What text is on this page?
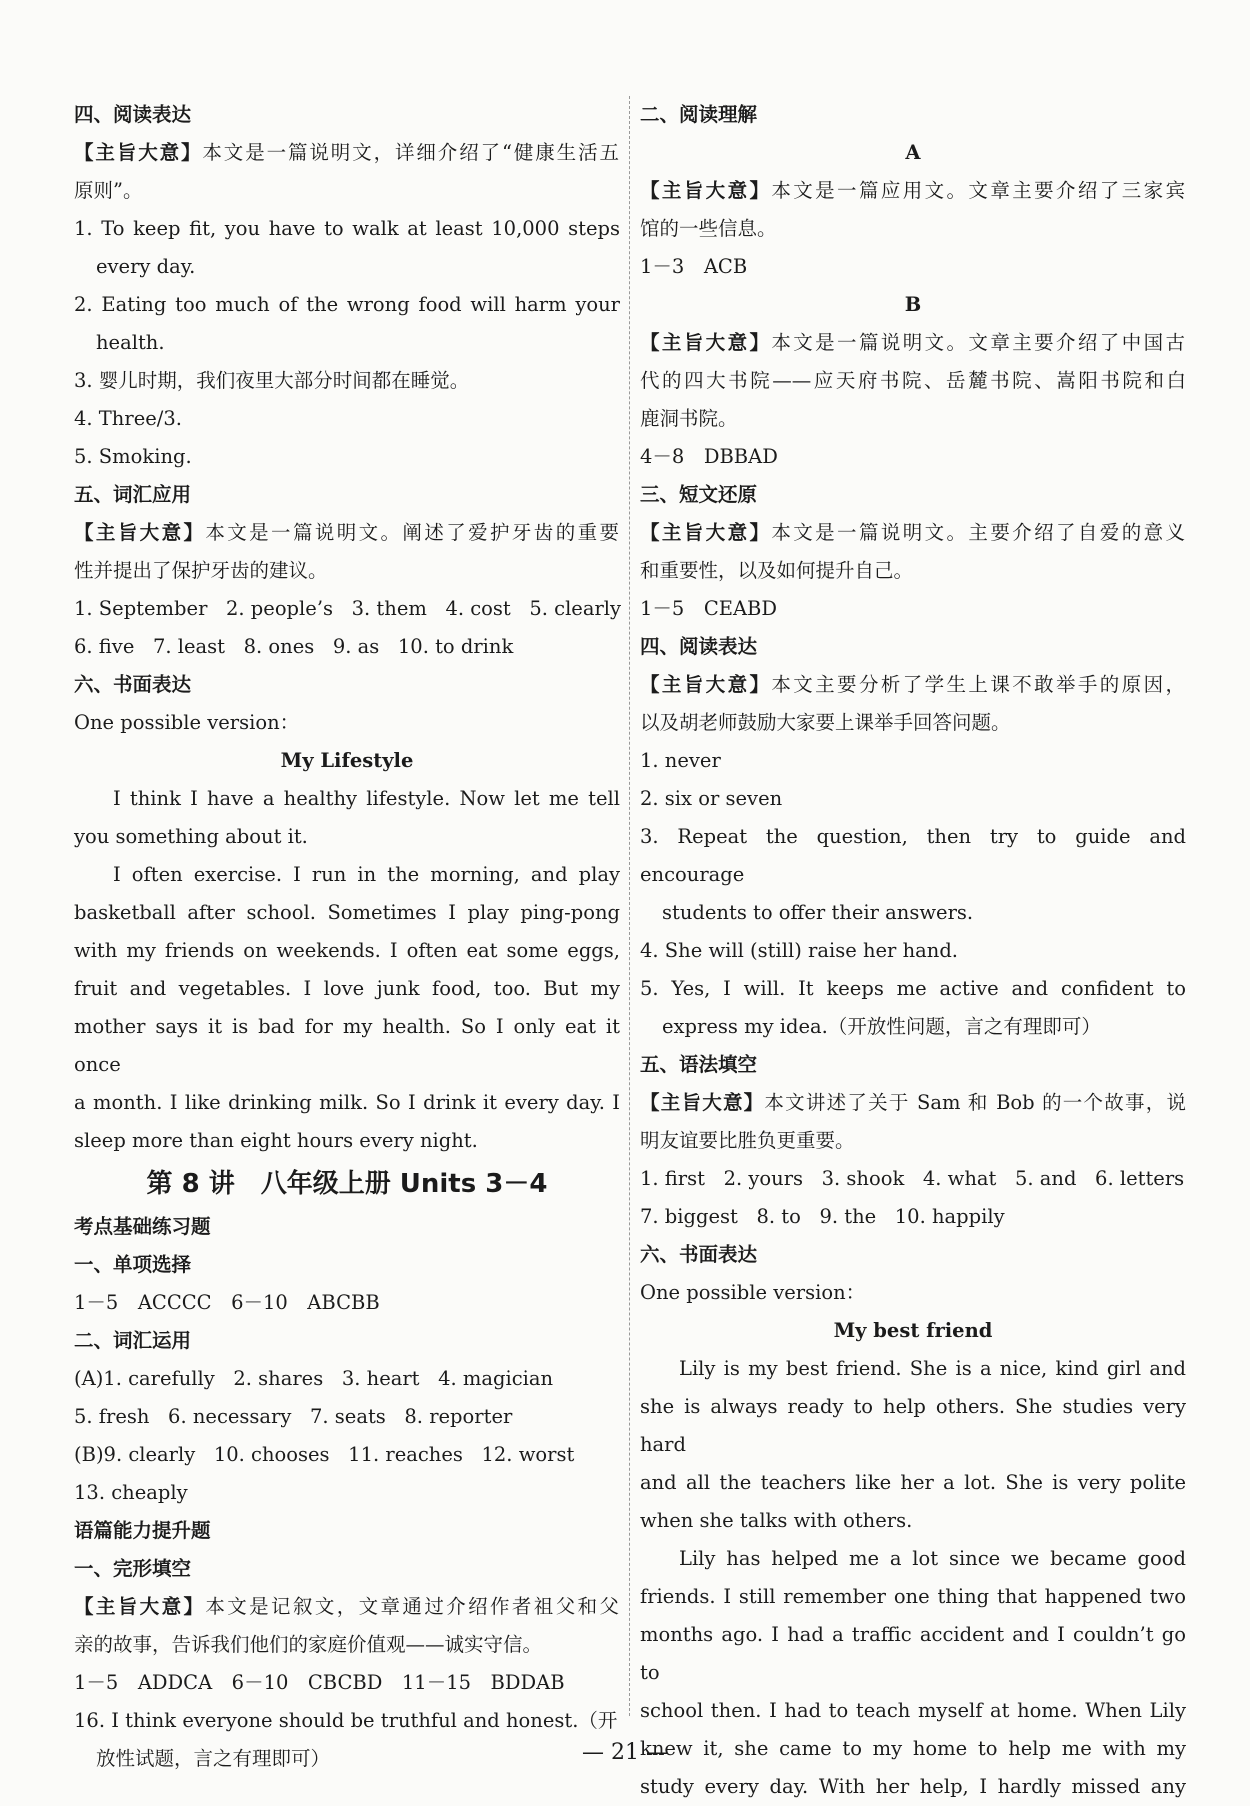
四、阅读表达

【主旨大意】本文是一篇说明文，详细介绍了“健康生活五

原则”。

1. To keep fit, you have to walk at least 10,000 steps

every day.

2. Eating too much of the wrong food will harm your

health.

3. 婴儿时期，我们夜里大部分时间都在睡觉。

4. Three/3.

5. Smoking.

五、词汇应用

【主旨大意】本文是一篇说明文。阐述了爱护牙齿的重要

性并提出了保护牙齿的建议。

1. September   2. people’s   3. them   4. cost   5. clearly

6. five   7. least   8. ones   9. as   10. to drink

六、书面表达

One possible version：

My Lifestyle

I think I have a healthy lifestyle. Now let me tell

you something about it.

I often exercise. I run in the morning, and play

basketball after school. Sometimes I play ping-pong

with my friends on weekends. I often eat some eggs,

fruit and vegetables. I love junk food, too. But my

mother says it is bad for my health. So I only eat it once

a month. I like drinking milk. So I drink it every day. I

sleep more than eight hours every night.

第 8 讲　八年级上册 Units 3－4

考点基础练习题

一、单项选择

1－5　ACCCC　6－10　ABCBB

二、词汇运用

(A)1. carefully   2. shares   3. heart   4. magician

5. fresh   6. necessary   7. seats   8. reporter

(B)9. clearly   10. chooses   11. reaches   12. worst

13. cheaply

语篇能力提升题

一、完形填空

【主旨大意】本文是记叙文，文章通过介绍作者祖父和父

亲的故事，告诉我们他们的家庭价值观——诚实守信。

1－5　ADDCA　6－10　CBCBD　11－15　BDDAB

16. I think everyone should be truthful and honest.（开

放性试题，言之有理即可）

二、阅读理解

A

【主旨大意】本文是一篇应用文。文章主要介绍了三家宾

馆的一些信息。

1－3　ACB

B

【主旨大意】本文是一篇说明文。文章主要介绍了中国古

代的四大书院——应天府书院、岳麓书院、嵩阳书院和白

鹿洞书院。

4－8　DBBAD

三、短文还原

【主旨大意】本文是一篇说明文。主要介绍了自爱的意义

和重要性，以及如何提升自己。

1－5　CEABD

四、阅读表达

【主旨大意】本文主要分析了学生上课不敢举手的原因，

以及胡老师鼓励大家要上课举手回答问题。

1. never

2. six or seven

3. Repeat the question, then try to guide and encourage

students to offer their answers.

4. She will (still) raise her hand.

5. Yes, I will. It keeps me active and confident to

express my idea.（开放性问题，言之有理即可）

五、语法填空

【主旨大意】本文讲述了关于 Sam 和 Bob 的一个故事，说

明友谊要比胜负更重要。

1. first   2. yours   3. shook   4. what   5. and   6. letters

7. biggest   8. to   9. the   10. happily

六、书面表达

One possible version：

My best friend

Lily is my best friend. She is a nice, kind girl and

she is always ready to help others. She studies very hard

and all the teachers like her a lot. She is very polite

when she talks with others.

Lily has helped me a lot since we became good

friends. I still remember one thing that happened two

months ago. I had a traffic accident and I couldn’t go to

school then. I had to teach myself at home. When Lily

knew it, she came to my home to help me with my

study every day. With her help, I hardly missed any

— 21 —
